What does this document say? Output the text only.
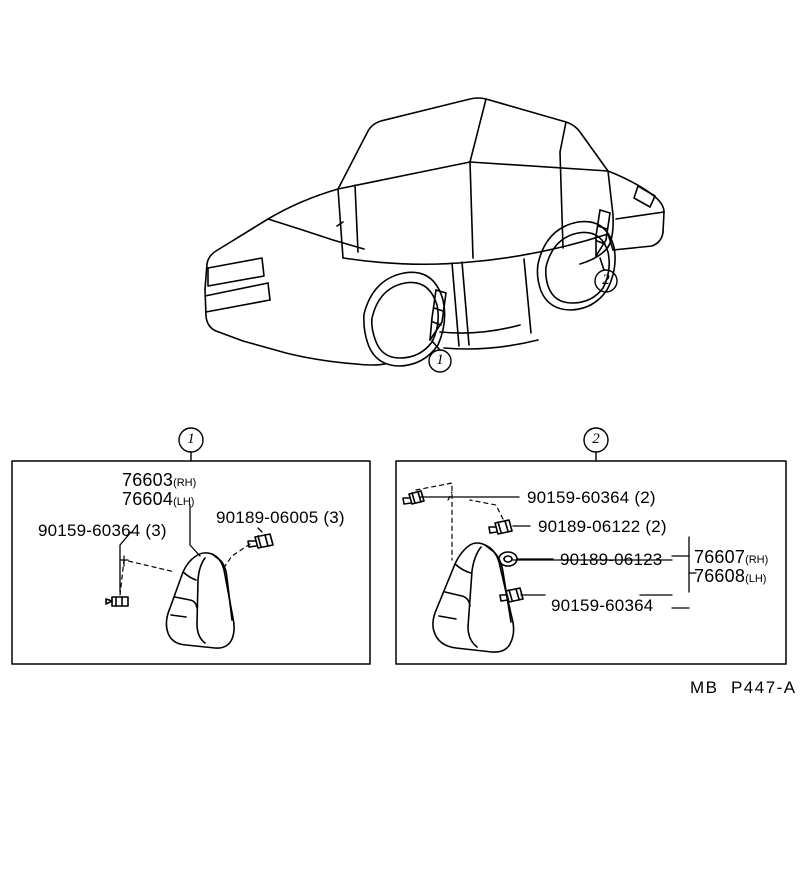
1
2
1	2
76603 (RH)
76604 (LH)
90159-60364 (3)
90189-06005 (3)
90159-60364 (2)
90189-06122 (2)
90189-06123
90159-60364
76607 (RH)
76608 (LH)
MB  P447-A
